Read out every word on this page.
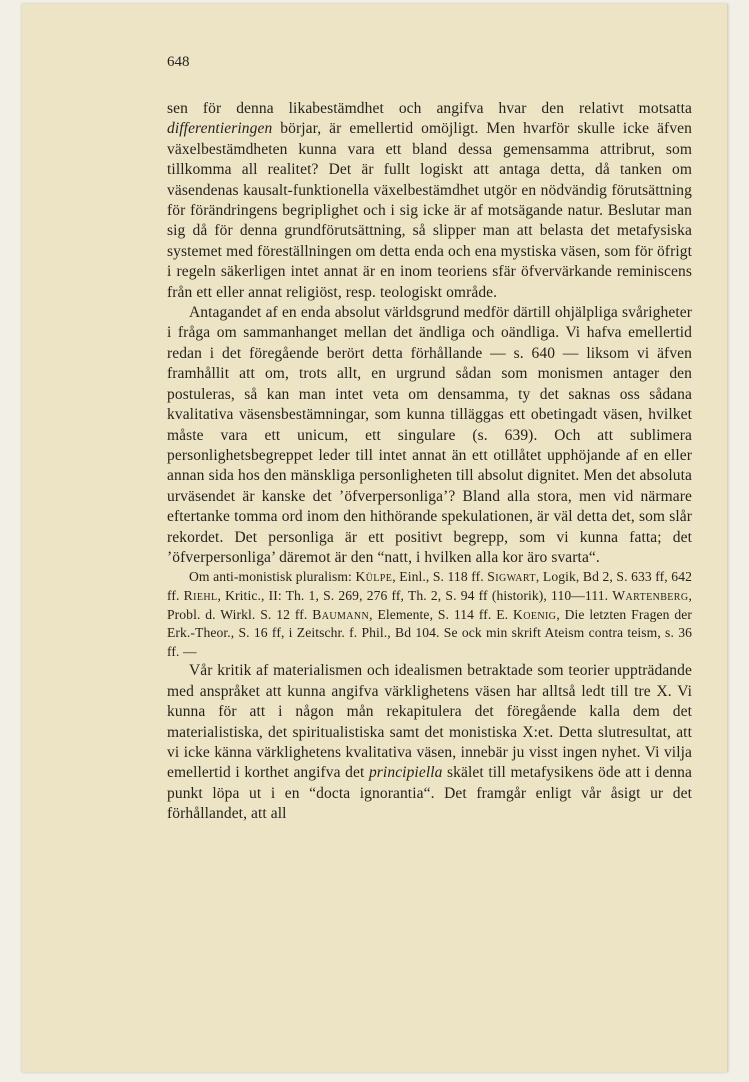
648

sen för denna likabestämdhet och angifva hvar den relativt motsatta differentieringen börjar, är emellertid omöjligt. Men hvarför skulle icke äfven växelbestämdheten kunna vara ett bland dessa gemensamma attribrut, som tillkomma all realitet? Det är fullt logiskt att antaga detta, då tanken om väsendenas kausalt-funktionella växelbestämdhet utgör en nödvändig förutsättning för förändringens begriplighet och i sig icke är af motsägande natur. Beslutar man sig då för denna grundförutsättning, så slipper man att belasta det metafysiska systemet med föreställningen om detta enda och ena mystiska väsen, som för öfrigt i regeln säkerligen intet annat är en inom teoriens sfär öfvervärkande reminiscens från ett eller annat religiöst, resp. teologiskt område.

Antagandet af en enda absolut världsgrund medför därtill ohjälpliga svårigheter i fråga om sammanhanget mellan det ändliga och oändliga. Vi hafva emellertid redan i det föregående berört detta förhållande — s. 640 — liksom vi äfven framhållit att om, trots allt, en urgrund sådan som monismen antager den postuleras, så kan man intet veta om densamma, ty det saknas oss sådana kvalitativa väsensbestämningar, som kunna tilläggas ett obetingadt väsen, hvilket måste vara ett unicum, ett singulare (s. 639). Och att sublimera personlighetsbegreppet leder till intet annat än ett otillåtet upphöjande af en eller annan sida hos den mänskliga personligheten till absolut dignitet. Men det absoluta urväsendet är kanske det ’öfverpersonliga’? Bland alla stora, men vid närmare eftertanke tomma ord inom den hithörande spekulationen, är väl detta det, som slår rekordet. Det personliga är ett positivt begrepp, som vi kunna fatta; det ’öfverpersonliga’ däremot är den “natt, i hvilken alla kor äro svarta“.

Om anti-monistisk pluralism: Külpe, Einl., S. 118 ff. Sigwart, Logik, Bd 2, S. 633 ff, 642 ff. Riehl, Kritic., II: Th. 1, S. 269, 276 ff, Th. 2, S. 94 ff (historik), 110—111. Wartenberg, Probl. d. Wirkl. S. 12 ff. Baumann, Elemente, S. 114 ff. E. Koenig, Die letzten Fragen der Erk.-Theor., S. 16 ff, i Zeitschr. f. Phil., Bd 104. Se ock min skrift Ateism contra teism, s. 36 ff. —

Vår kritik af materialismen och idealismen betraktade som teorier uppträdande med anspråket att kunna angifva värklighetens väsen har alltså ledt till tre X. Vi kunna för att i någon mån rekapitulera det föregående kalla dem det materialistiska, det spiritualistiska samt det monistiska X:et. Detta slutresultat, att vi icke känna värklighetens kvalitativa väsen, innebär ju visst ingen nyhet. Vi vilja emellertid i korthet angifva det principiella skälet till metafysikens öde att i denna punkt löpa ut i en “docta ignorantia“. Det framgår enligt vår åsigt ur det förhållandet, att all
